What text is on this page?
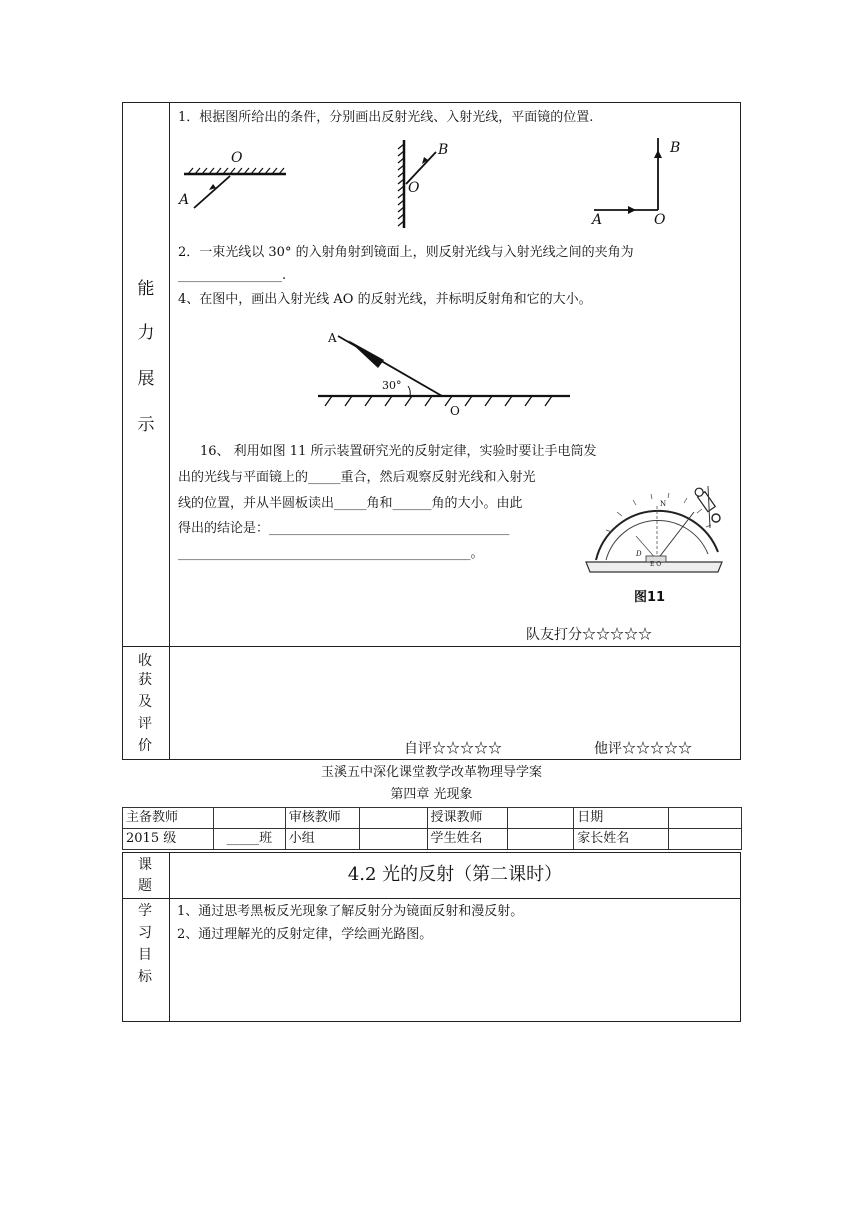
能
力
展
示
1．根据图所给出的条件，分别画出反射光线、入射光线，平面镜的位置.
O
A
B
O
B
A	O
2．一束光线以 30° 的入射角射到镜面上，则反射光线与入射光线之间的夹角为
________________.
4、在图中，画出入射光线 AO 的反射光线，并标明反射角和它的大小。
A
30°
O
16、 利用如图 11 所示装置研究光的反射定律，实验时要让手电筒发
出的光线与平面镜上的_____重合，然后观察反射光线和入射光
线的位置，并从半圆板读出_____角和______角的大小。由此
得出的结论是：_____________________________________
_____________________________________________。
N
D
E O
图11
队友打分☆☆☆☆☆
收
获
及
评
价	自评☆☆☆☆☆	他评☆☆☆☆☆
玉溪五中深化课堂教学改革物理导学案
第四章 光现象
主备教师		审核教师		授课教师		日期	
2015 级	_____班	小组		学生姓名		家长姓名	
课
题
4.2 光的反射（第二课时）
学
习
目
标
1、通过思考黑板反光现象了解反射分为镜面反射和漫反射。
2、通过理解光的反射定律，学绘画光路图。
